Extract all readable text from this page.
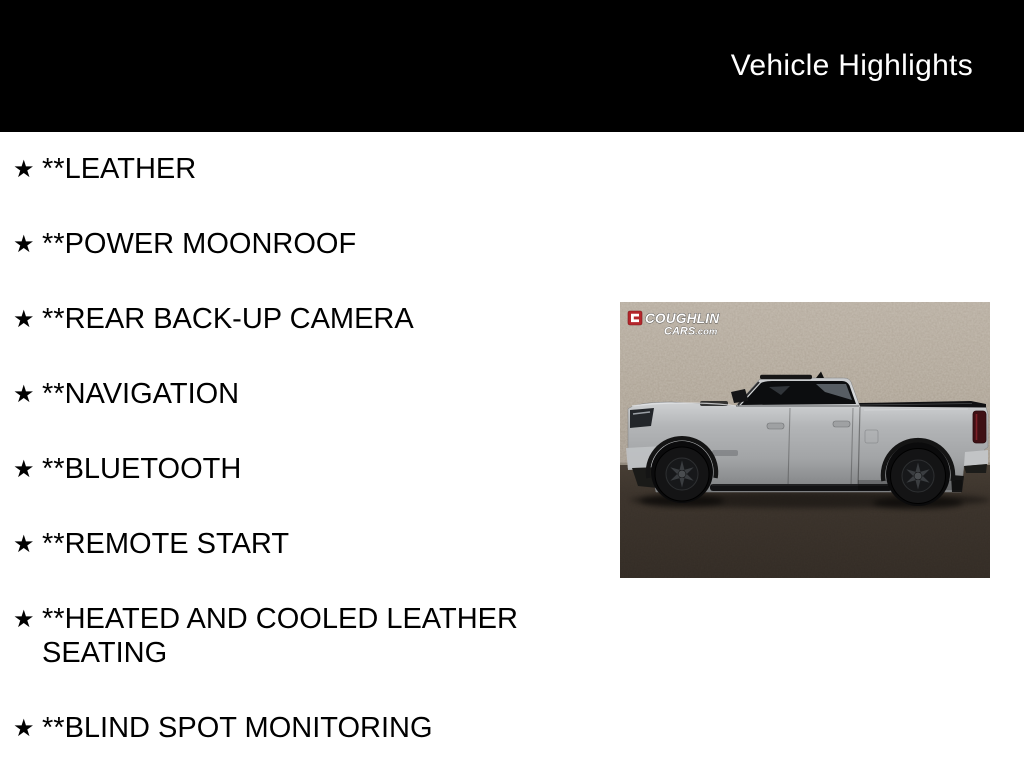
Vehicle Highlights
★ **LEATHER
★ **POWER MOONROOF
★ **REAR BACK-UP CAMERA
★ **NAVIGATION
★ **BLUETOOTH
★ **REMOTE START
★ **HEATED AND COOLED LEATHER SEATING
★ **BLIND SPOT MONITORING
COUGHLIN
CARS.com
